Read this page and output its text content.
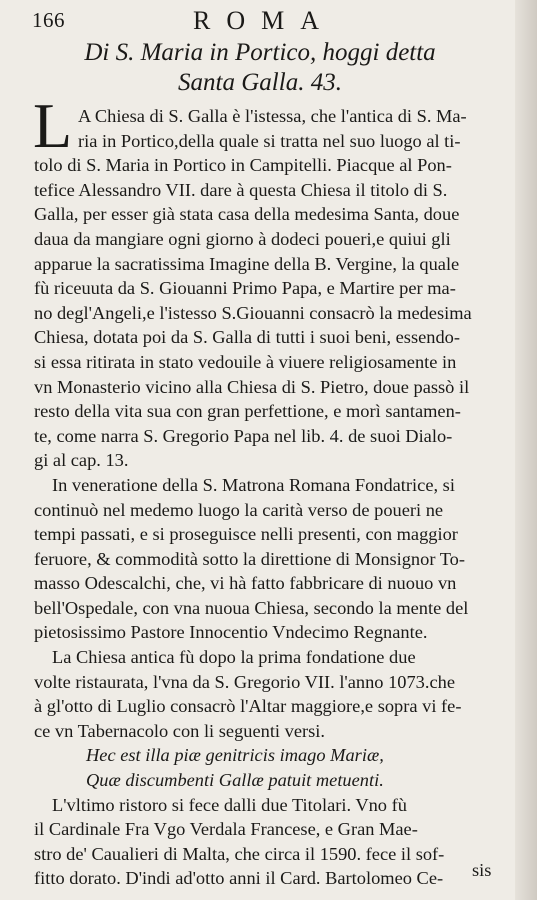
166	ROMA
Di S. Maria in Portico, hoggi detta
Santa Galla. 43.
L A Chiesa di S. Galla è l'istessa, che l'antica di S. Ma-
ria in Portico,della quale si tratta nel suo luogo al ti-
tolo di S. Maria in Portico in Campitelli. Piacque al Pon-
tefice Alessandro VII. dare à questa Chiesa il titolo di S.
Galla, per esser già stata casa della medesima Santa, doue
daua da mangiare ogni giorno à dodeci poueri,e quiui gli
apparue la sacratissima Imagine della B. Vergine, la quale
fù riceuuta da S. Giouanni Primo Papa, e Martire per ma-
no degl'Angeli,e l'istesso S.Giouanni consacrò la medesima
Chiesa, dotata poi da S. Galla di tutti i suoi beni, essendo-
si essa ritirata in stato vedouile à viuere religiosamente in
vn Monasterio vicino alla Chiesa di S. Pietro, doue passò il
resto della vita sua con gran perfettione, e morì santamen-
te, come narra S. Gregorio Papa nel lib. 4. de suoi Dialo-
gi al cap. 13.
In veneratione della S. Matrona Romana Fondatrice, si
continuò nel medemo luogo la carità verso de poueri ne
tempi passati, e si proseguisce nelli presenti, con maggior
feruore, & commodità sotto la direttione di Monsignor To-
masso Odescalchi, che, vi hà fatto fabbricare di nuouo vn
bell'Ospedale, con vna nuoua Chiesa, secondo la mente del
pietosissimo Pastore Innocentio Vndecimo Regnante.
La Chiesa antica fù dopo la prima fondatione due
volte ristaurata, l'vna da S. Gregorio VII. l'anno 1073.che
à gl'otto di Luglio consacrò l'Altar maggiore,e sopra vi fe-
ce vn Tabernacolo con li seguenti versi.
Hec est illa piæ genitricis imago Mariæ,
Quæ discumbenti Gallæ patuit metuenti.
L'vltimo ristoro si fece dalli due Titolari. Vno fù
il Cardinale Fra Vgo Verdala Francese, e Gran Mae-
stro de' Caualieri di Malta, che circa il 1590. fece il sof-
fitto dorato. D'indi ad'otto anni il Card. Bartolomeo Ce-	sis
